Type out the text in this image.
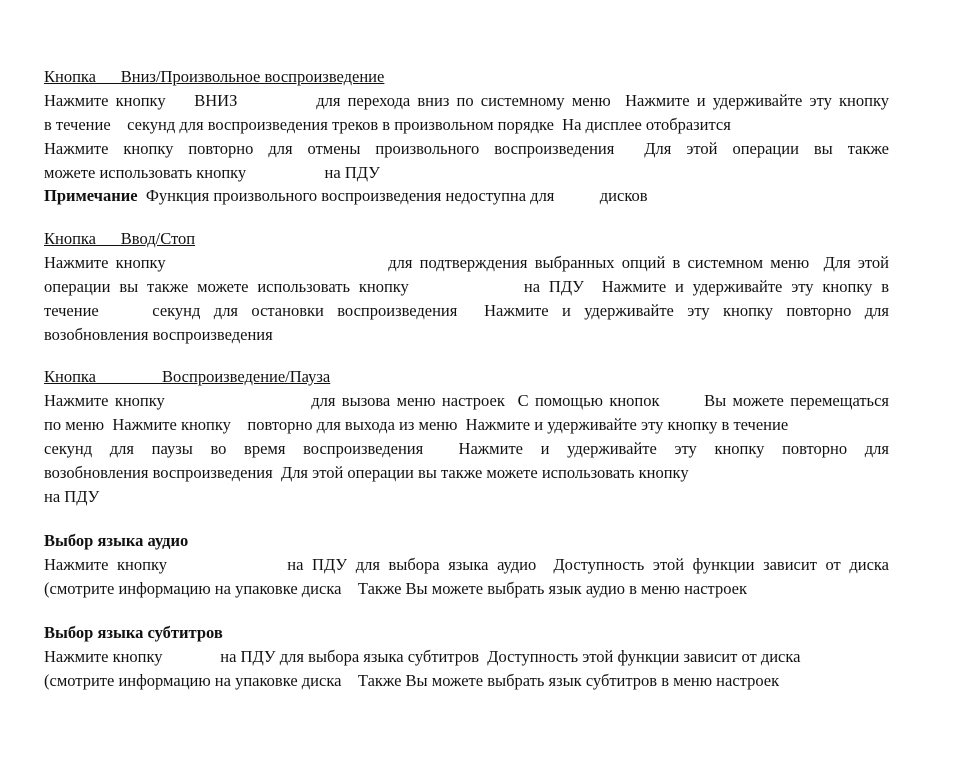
Кнопка      Вниз/Произвольное воспроизведение
Нажмите кнопку    ВНИЗ           для перехода вниз по системному меню  Нажмите и удерживайте эту кнопку
в течение    секунд для воспроизведения треков в произвольном порядке  На дисплее отобразится
Нажмите кнопку повторно для отмены произвольного воспроизведения  Для этой операции вы также
можете использовать кнопку                   на ПДУ
Примечание  Функция произвольного воспроизведения недоступна для           дисков
Кнопка      Ввод/Стоп
Нажмите кнопку                               для подтверждения выбранных опций в системном меню  Для этой
операции вы также можете использовать кнопку             на ПДУ  Нажмите и удерживайте эту кнопку в
течение    секунд для остановки воспроизведения  Нажмите и удерживайте эту кнопку повторно для
возобновления воспроизведения
Кнопка                Воспроизведение/Пауза
Нажмите кнопку                       для вызова меню настроек  С помощью кнопок       Вы можете перемещаться
по меню  Нажмите кнопку    повторно для выхода из меню  Нажмите и удерживайте эту кнопку в течение
секунд для паузы во время воспроизведения  Нажмите и удерживайте эту кнопку повторно для
возобновления воспроизведения  Для этой операции вы также можете использовать кнопку
на ПДУ
Выбор языка аудио
Нажмите кнопку              на ПДУ для выбора языка аудио  Доступность этой функции зависит от диска
(смотрите информацию на упаковке диска    Также Вы можете выбрать язык аудио в меню настроек
Выбор языка субтитров
Нажмите кнопку              на ПДУ для выбора языка субтитров  Доступность этой функции зависит от диска
(смотрите информацию на упаковке диска    Также Вы можете выбрать язык субтитров в меню настроек
